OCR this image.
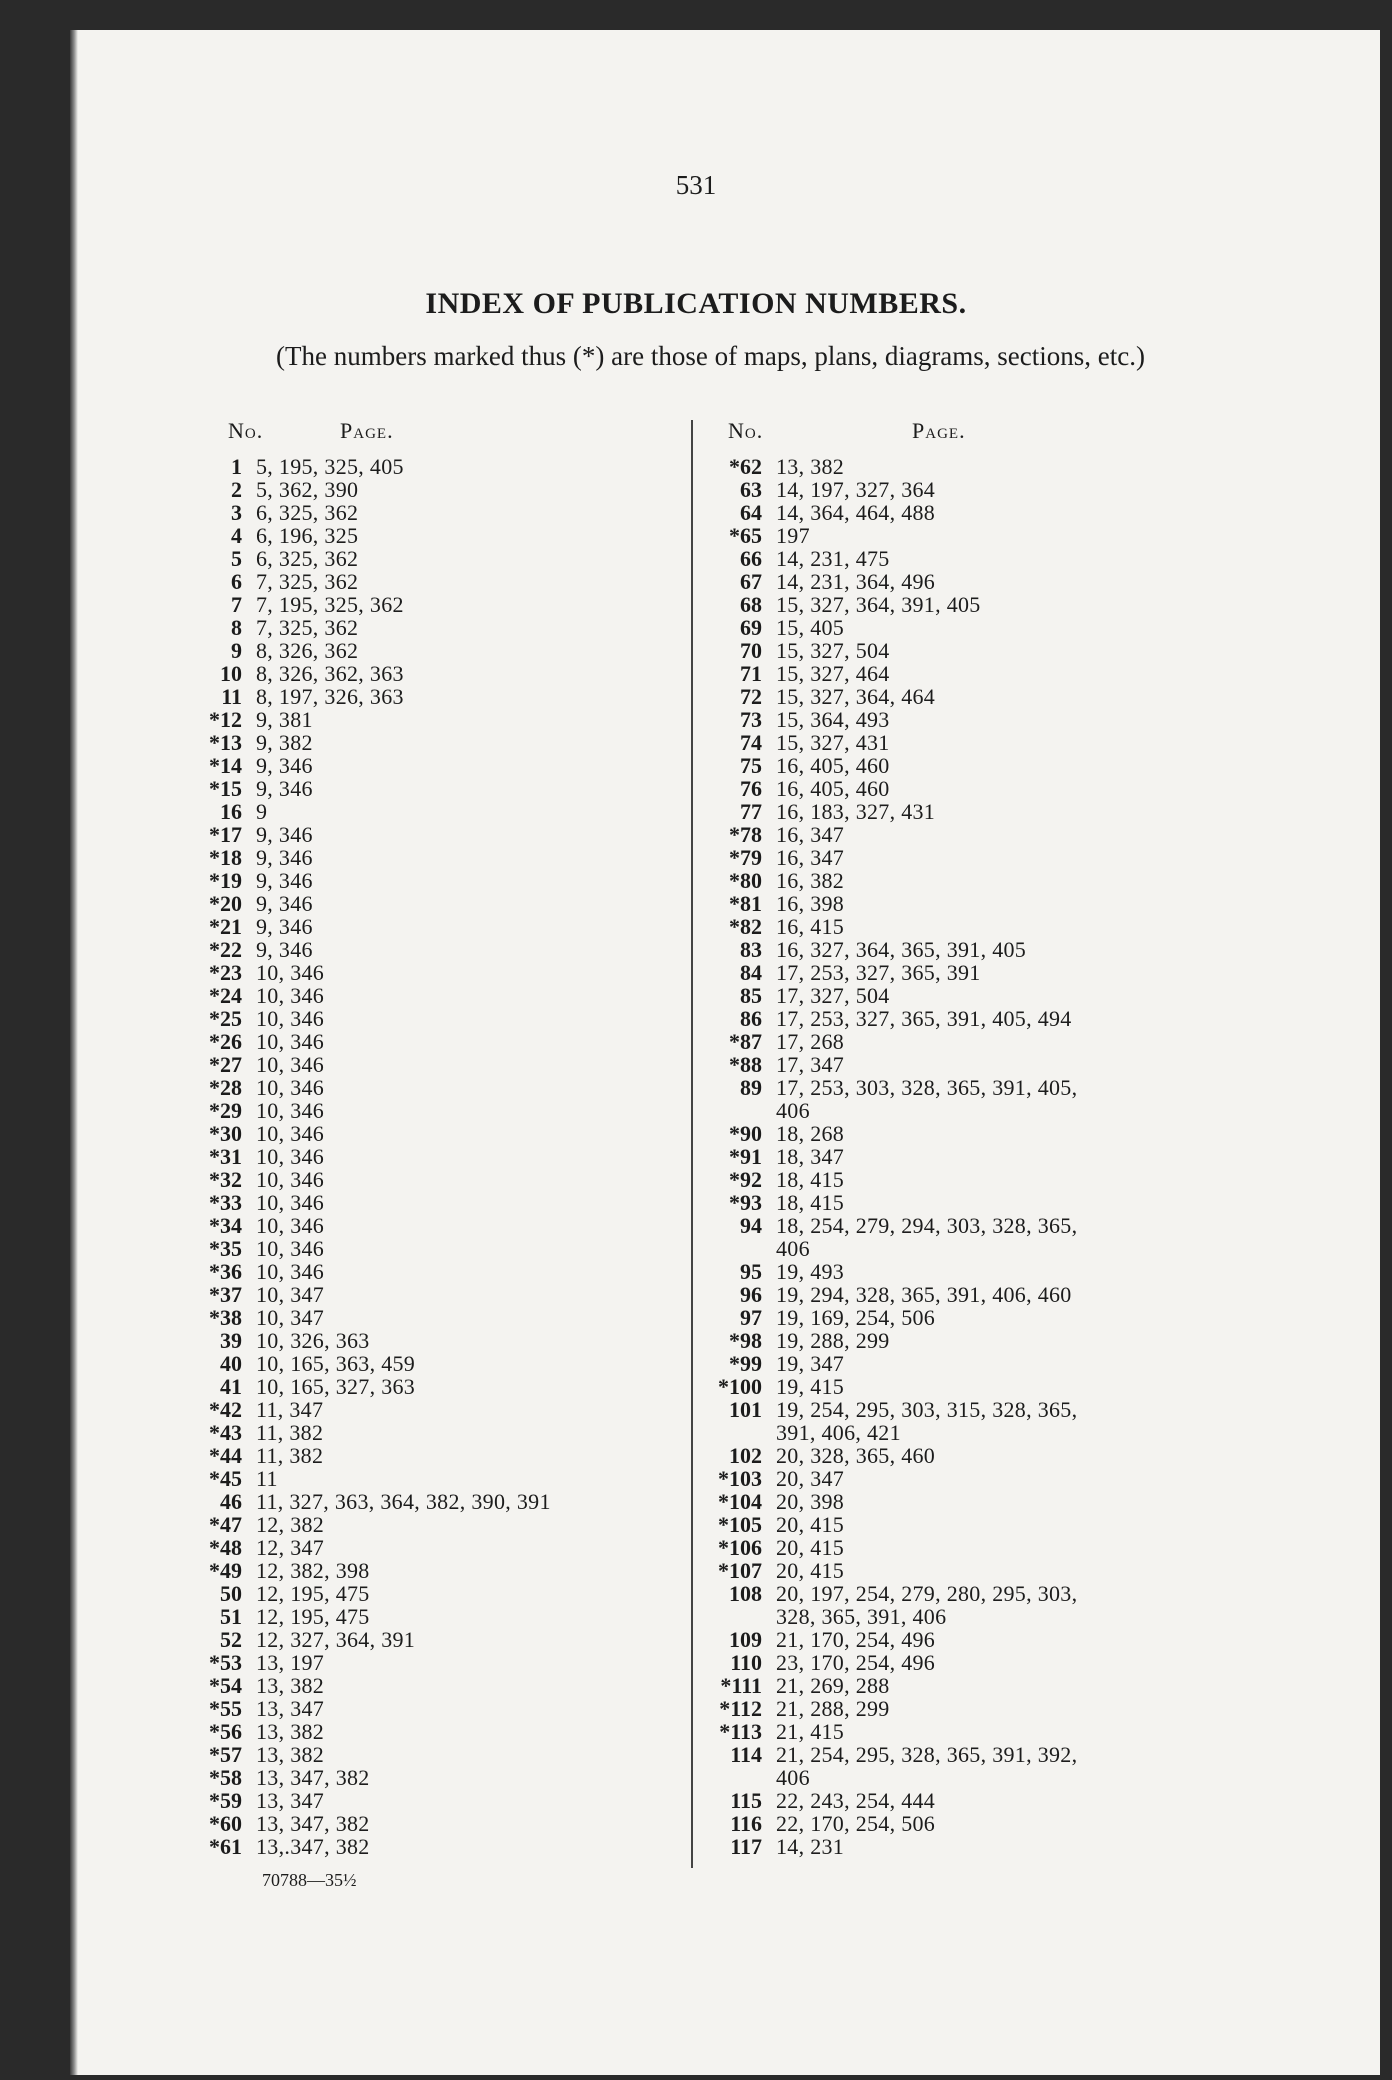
531
INDEX OF PUBLICATION NUMBERS.
(The numbers marked thus (*) are those of maps, plans, diagrams, sections, etc.)
No.	Page.	No.	Page.
1 5, 195, 325, 405
2 5, 362, 390
3 6, 325, 362
4 6, 196, 325
5 6, 325, 362
6 7, 325, 362
7 7, 195, 325, 362
8 7, 325, 362
9 8, 326, 362
10 8, 326, 362, 363
11 8, 197, 326, 363
*12 9, 381
*13 9, 382
*14 9, 346
*15 9, 346
16 9
*17 9, 346
*18 9, 346
*19 9, 346
*20 9, 346
*21 9, 346
*22 9, 346
*23 10, 346
*24 10, 346
*25 10, 346
*26 10, 346
*27 10, 346
*28 10, 346
*29 10, 346
*30 10, 346
*31 10, 346
*32 10, 346
*33 10, 346
*34 10, 346
*35 10, 346
*36 10, 346
*37 10, 347
*38 10, 347
39 10, 326, 363
40 10, 165, 363, 459
41 10, 165, 327, 363
*42 11, 347
*43 11, 382
*44 11, 382
*45 11
46 11, 327, 363, 364, 382, 390, 391
*47 12, 382
*48 12, 347
*49 12, 382, 398
50 12, 195, 475
51 12, 195, 475
52 12, 327, 364, 391
*53 13, 197
*54 13, 382
*55 13, 347
*56 13, 382
*57 13, 382
*58 13, 347, 382
*59 13, 347
*60 13, 347, 382
*61 13,.347, 382
*62 13, 382
63 14, 197, 327, 364
64 14, 364, 464, 488
*65 197
66 14, 231, 475
67 14, 231, 364, 496
68 15, 327, 364, 391, 405
69 15, 405
70 15, 327, 504
71 15, 327, 464
72 15, 327, 364, 464
73 15, 364, 493
74 15, 327, 431
75 16, 405, 460
76 16, 405, 460
77 16, 183, 327, 431
*78 16, 347
*79 16, 347
*80 16, 382
*81 16, 398
*82 16, 415
83 16, 327, 364, 365, 391, 405
84 17, 253, 327, 365, 391
85 17, 327, 504
86 17, 253, 327, 365, 391, 405, 494
*87 17, 268
*88 17, 347
89 17, 253, 303, 328, 365, 391, 405,
406
*90 18, 268
*91 18, 347
*92 18, 415
*93 18, 415
94 18, 254, 279, 294, 303, 328, 365,
406
95 19, 493
96 19, 294, 328, 365, 391, 406, 460
97 19, 169, 254, 506
*98 19, 288, 299
*99 19, 347
*100 19, 415
101 19, 254, 295, 303, 315, 328, 365,
391, 406, 421
102 20, 328, 365, 460
*103 20, 347
*104 20, 398
*105 20, 415
*106 20, 415
*107 20, 415
108 20, 197, 254, 279, 280, 295, 303,
328, 365, 391, 406
109 21, 170, 254, 496
110 23, 170, 254, 496
*111 21, 269, 288
*112 21, 288, 299
*113 21, 415
114 21, 254, 295, 328, 365, 391, 392,
406
115 22, 243, 254, 444
116 22, 170, 254, 506
117 14, 231
70788—35½
